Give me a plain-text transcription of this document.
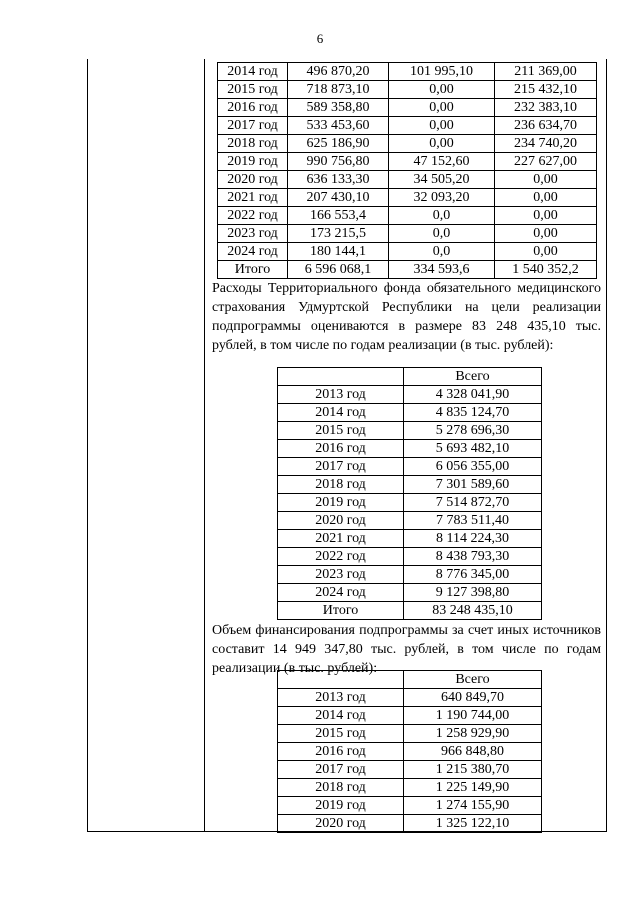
6
2014 год	496 870,20	101 995,10	211 369,00
2015 год	718 873,10	0,00	215 432,10
2016 год	589 358,80	0,00	232 383,10
2017 год	533 453,60	0,00	236 634,70
2018 год	625 186,90	0,00	234 740,20
2019 год	990 756,80	47 152,60	227 627,00
2020 год	636 133,30	34 505,20	0,00
2021 год	207 430,10	32 093,20	0,00
2022 год	166 553,4	0,0	0,00
2023 год	173 215,5	0,0	0,00
2024 год	180 144,1	0,0	0,00
Итого	6 596 068,1	334 593,6	1 540 352,2
Расходы Территориального фонда обязательного медицинского страхования Удмуртской Республики на цели реализации подпрограммы оцениваются в размере 83 248 435,10 тыс. рублей, в том числе по годам реализации (в тыс. рублей):
	Всего
2013 год	4 328 041,90
2014 год	4 835 124,70
2015 год	5 278 696,30
2016 год	5 693 482,10
2017 год	6 056 355,00
2018 год	7 301 589,60
2019 год	7 514 872,70
2020 год	7 783 511,40
2021 год	8 114 224,30
2022 год	8 438 793,30
2023 год	8 776 345,00
2024 год	9 127 398,80
Итого	83 248 435,10
Объем финансирования подпрограммы за счет иных источников составит 14 949 347,80 тыс. рублей, в том числе по годам реализации (в тыс. рублей):
	Всего
2013 год	640 849,70
2014 год	1 190 744,00
2015 год	1 258 929,90
2016 год	966 848,80
2017 год	1 215 380,70
2018 год	1 225 149,90
2019 год	1 274 155,90
2020 год	1 325 122,10
